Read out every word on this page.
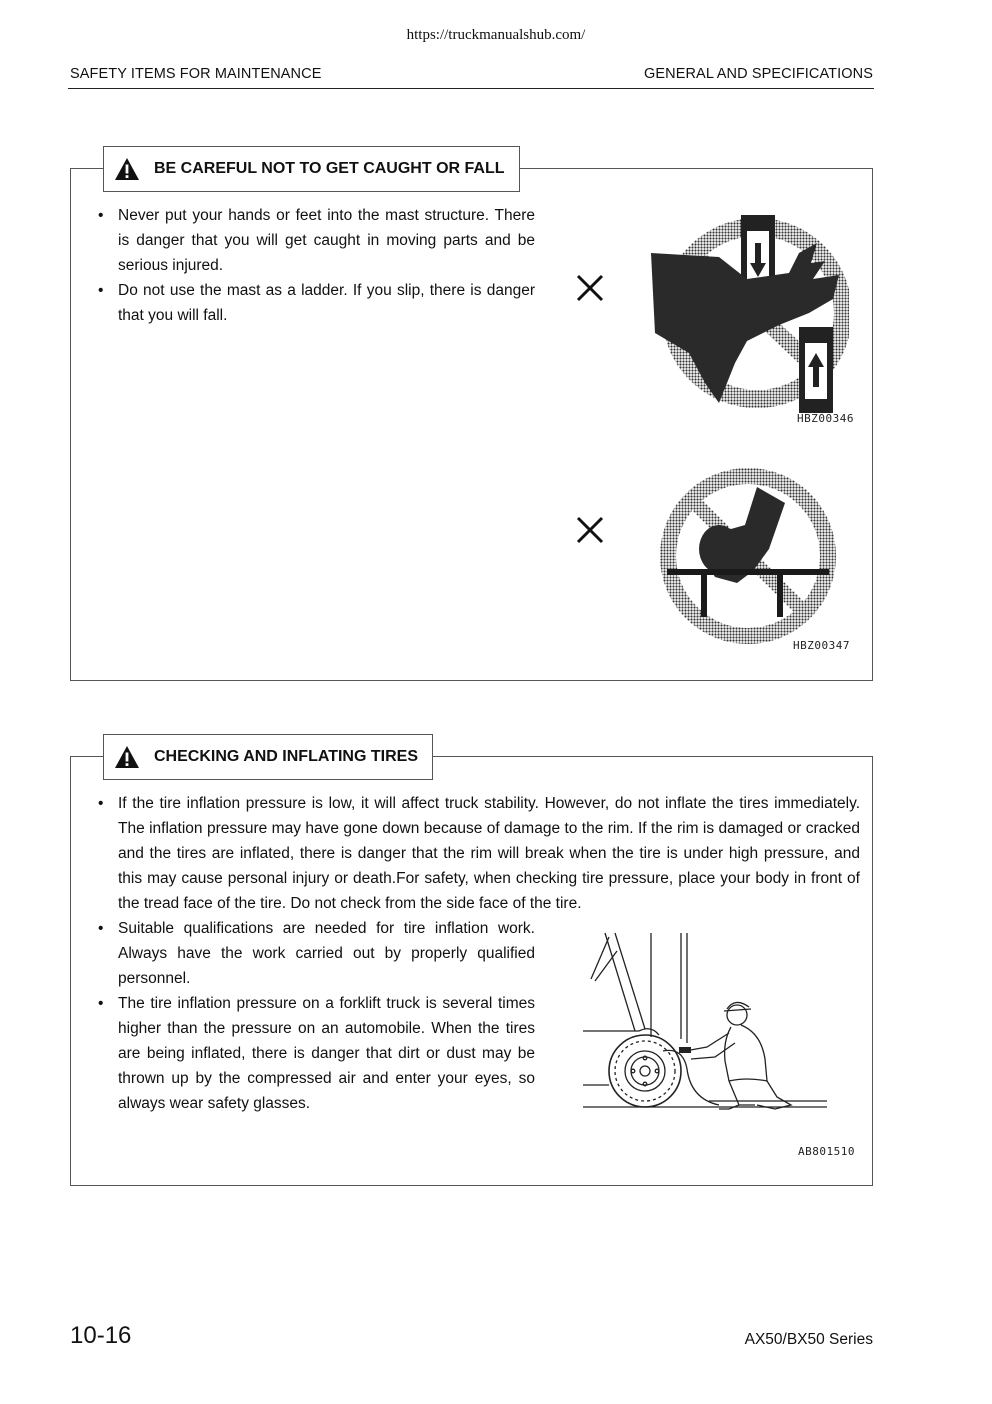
https://truckmanualshub.com/
SAFETY ITEMS FOR MAINTENANCE	GENERAL AND SPECIFICATIONS
BE CAREFUL NOT TO GET CAUGHT OR FALL
• Never put your hands or feet into the mast structure. There is danger that you will get caught in moving parts and be serious injured.
• Do not use the mast as a ladder. If you slip, there is danger that you will fall.
HBZ00346
HBZ00347
CHECKING AND INFLATING TIRES
• If the tire inflation pressure is low, it will affect truck stability. However, do not inflate the tires immediately. The inflation pressure may have gone down because of damage to the rim. If the rim is damaged or cracked and the tires are inflated, there is danger that the rim will break when the tire is under high pressure, and this may cause personal injury or death.For safety, when checking tire pressure, place your body in front of the tread face of the tire. Do not check from the side face of the tire.
• Suitable qualifications are needed for tire inflation work. Always have the work carried out by properly qualified personnel.
• The tire inflation pressure on a forklift truck is several times higher than the pressure on an automobile. When the tires are being inflated, there is danger that dirt or dust may be thrown up by the compressed air and enter your eyes, so always wear safety glasses.
AB801510
10-16	AX50/BX50 Series
